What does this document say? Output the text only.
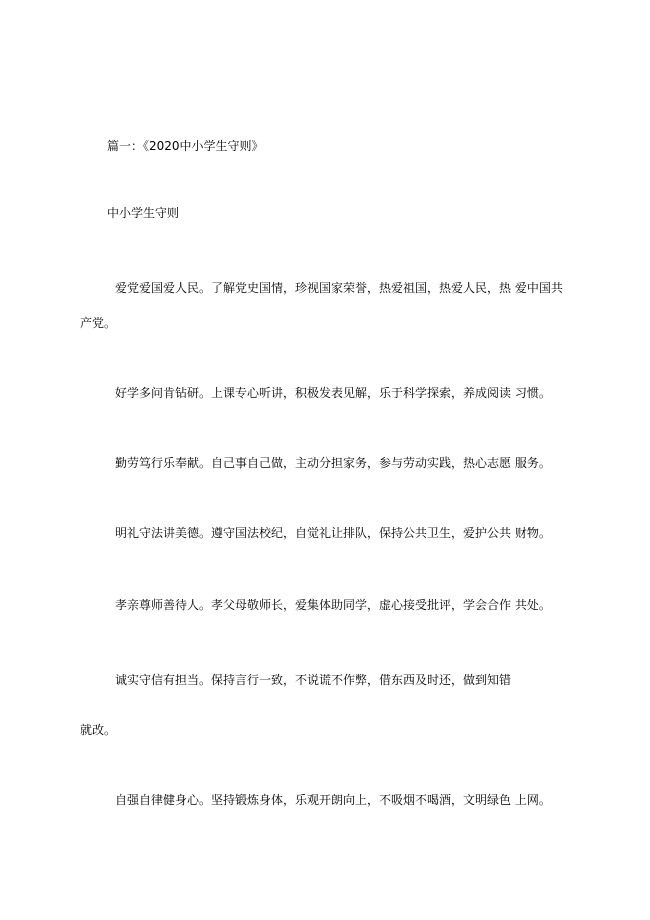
篇一：《2020中小学生守则》

中小学生守则

爱党爱国爱人民。了解党史国情，珍视国家荣誉，热爱祖国，热爱人民，热 爱中国共

产党。

好学多问肯钻研。上课专心听讲，积极发表见解，乐于科学探索，养成阅读 习惯。

勤劳笃行乐奉献。自己事自己做，主动分担家务，参与劳动实践，热心志愿 服务。

明礼守法讲美德。遵守国法校纪，自觉礼让排队，保持公共卫生，爱护公共 财物。

孝亲尊师善待人。孝父母敬师长，爱集体助同学，虚心接受批评，学会合作 共处。

诚实守信有担当。保持言行一致，不说谎不作弊，借东西及时还，做到知错

就改。

自强自律健身心。坚持锻炼身体，乐观开朗向上，不吸烟不喝酒，文明绿色 上网。
